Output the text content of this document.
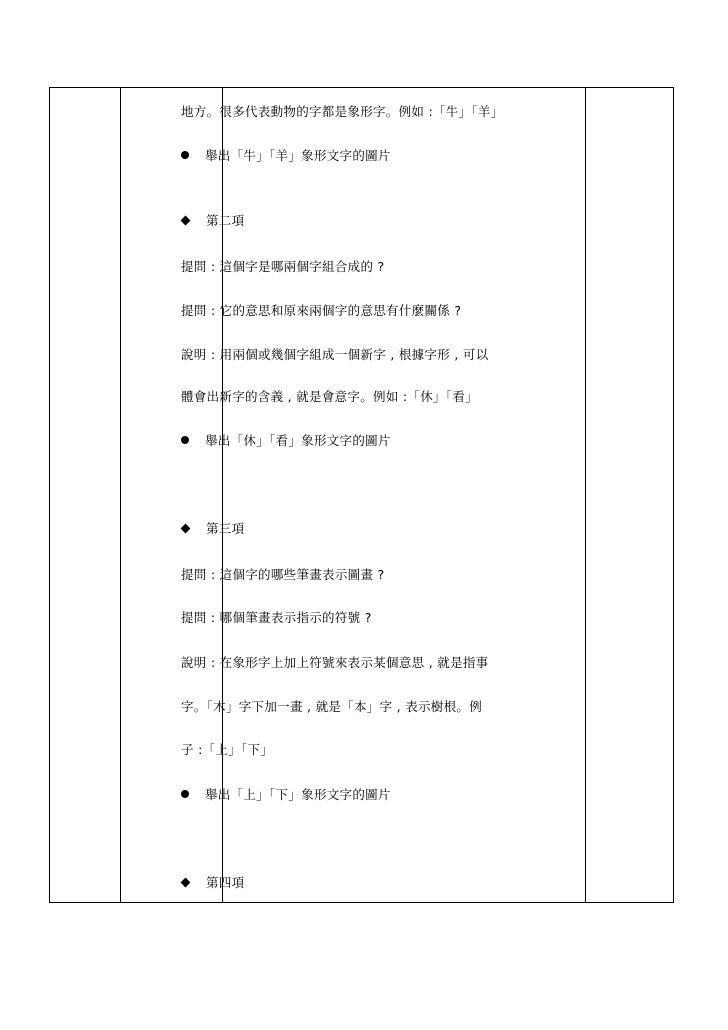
地方。很多代表動物的字都是象形字。例如 :「牛」「羊」
舉出「牛」「羊」象形文字的圖片
第二項
提問 : 這個字是哪兩個字組合成的 ?
提問 : 它的意思和原來兩個字的意思有什麼關係 ?
說明 : 用兩個或幾個字組成一個新字 , 根據字形 , 可以
體會出新字的含義 , 就是會意字。例如 :「休」「看」
舉出「休」「看」象形文字的圖片
第三項
提問 : 這個字的哪些筆畫表示圖畫 ?
提問 : 哪個筆畫表示指示的符號 ?
說明 : 在象形字上加上符號來表示某個意思 , 就是指事
字。「木」字下加一畫 , 就是「本」字 , 表示樹根。例
子 :「上」「下」
舉出「上」「下」象形文字的圖片
第四項
